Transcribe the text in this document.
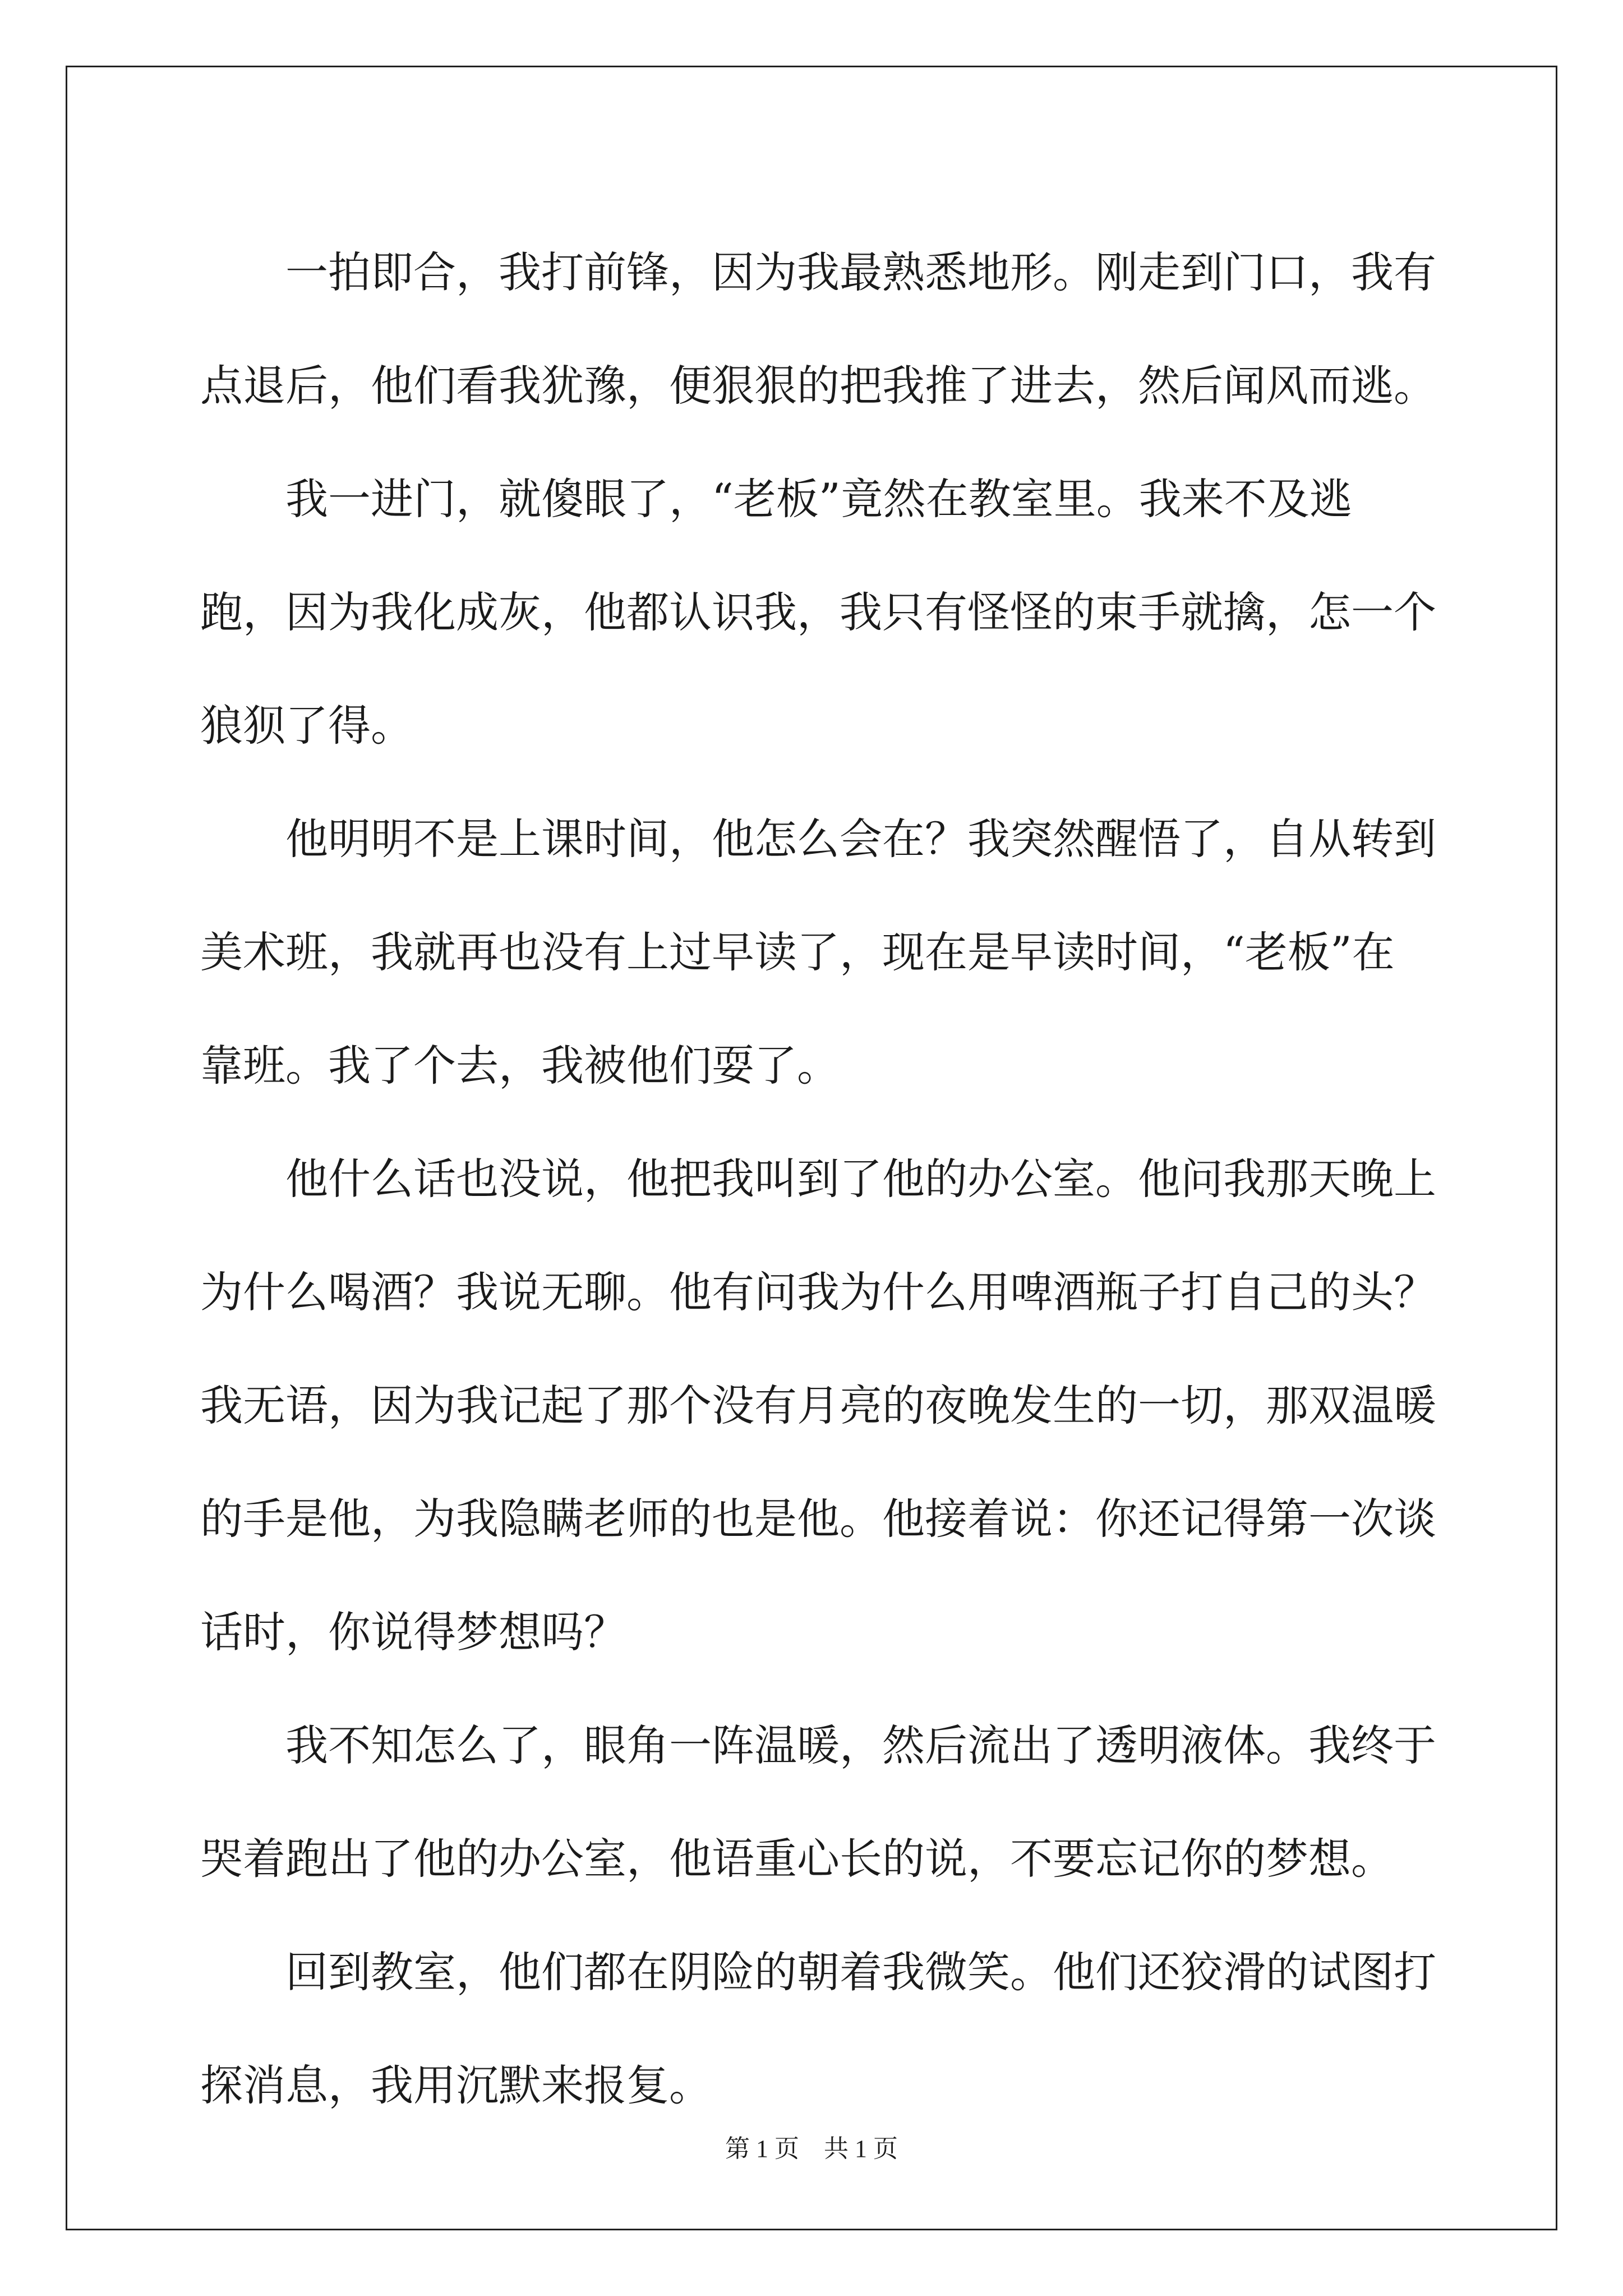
一拍即合，我打前锋，因为我最熟悉地形。刚走到门口，我有点退后，他们看我犹豫，便狠狠的把我推了进去，然后闻风而逃。

我一进门，就傻眼了，“老板”竟然在教室里。我来不及逃跑，因为我化成灰，他都认识我，我只有怪怪的束手就擒，怎一个狼狈了得。

他明明不是上课时间，他怎么会在？我突然醒悟了，自从转到美术班，我就再也没有上过早读了，现在是早读时间，“老板”在靠班。我了个去，我被他们耍了。

他什么话也没说，他把我叫到了他的办公室。他问我那天晚上为什么喝酒？我说无聊。他有问我为什么用啤酒瓶子打自己的头？我无语，因为我记起了那个没有月亮的夜晚发生的一切，那双温暖的手是他，为我隐瞒老师的也是他。他接着说：你还记得第一次谈话时，你说得梦想吗？

我不知怎么了，眼角一阵温暖，然后流出了透明液体。我终于哭着跑出了他的办公室，他语重心长的说，不要忘记你的梦想。

回到教室，他们都在阴险的朝着我微笑。他们还狡滑的试图打探消息，我用沉默来报复。

第 1 页　共 1 页
